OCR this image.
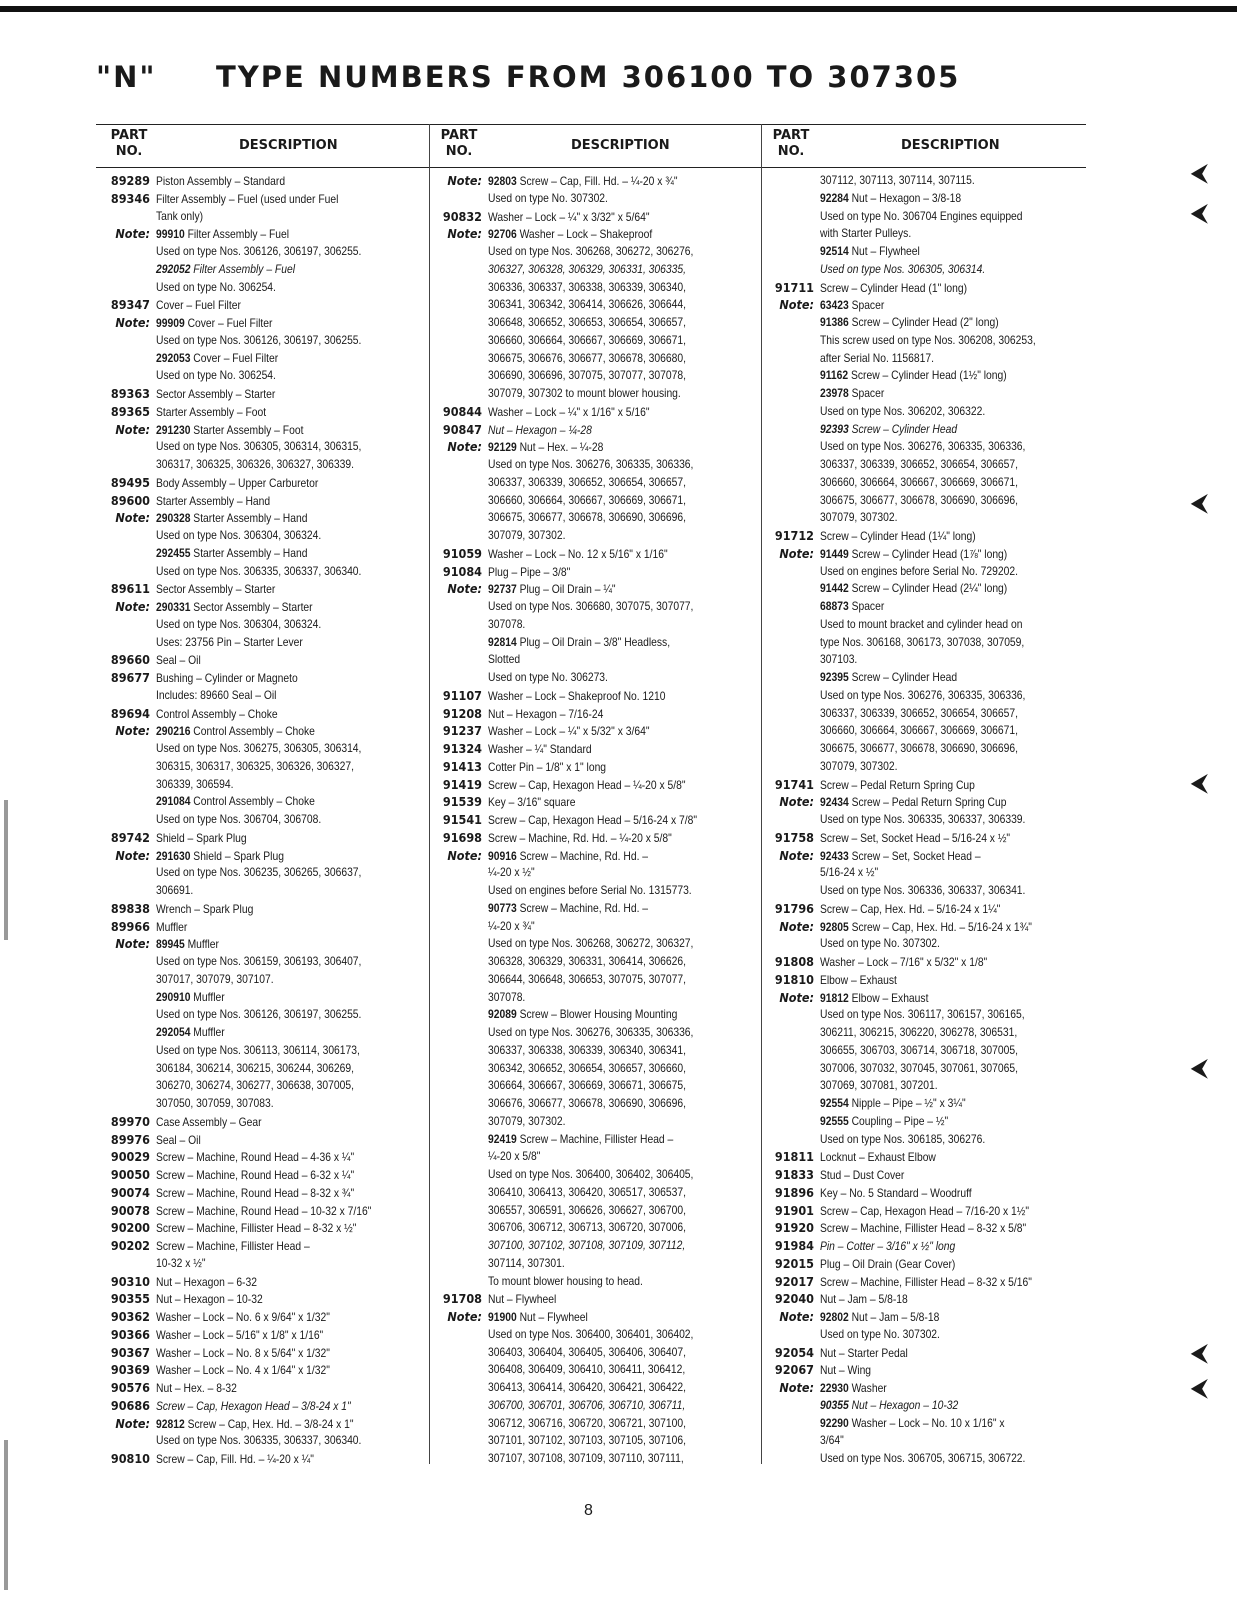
"N" TYPE NUMBERS FROM 306100 TO 307305
PART
NO.	DESCRIPTION
PART
NO.	DESCRIPTION
PART
NO.	DESCRIPTION
89289 Piston Assembly – Standard
89346 Filter Assembly – Fuel (used under Fuel
Tank only)
Note: 99910 Filter Assembly – Fuel
Used on type Nos. 306126, 306197, 306255.
292052 Filter Assembly – Fuel
Used on type No. 306254.
89347 Cover – Fuel Filter
Note: 99909 Cover – Fuel Filter
Used on type Nos. 306126, 306197, 306255.
292053 Cover – Fuel Filter
Used on type No. 306254.
89363 Sector Assembly – Starter
89365 Starter Assembly – Foot
Note: 291230 Starter Assembly – Foot
Used on type Nos. 306305, 306314, 306315,
306317, 306325, 306326, 306327, 306339.
89495 Body Assembly – Upper Carburetor
89600 Starter Assembly – Hand
Note: 290328 Starter Assembly – Hand
Used on type Nos. 306304, 306324.
292455 Starter Assembly – Hand
Used on type Nos. 306335, 306337, 306340.
89611 Sector Assembly – Starter
Note: 290331 Sector Assembly – Starter
Used on type Nos. 306304, 306324.
Uses: 23756 Pin – Starter Lever
89660 Seal – Oil
89677 Bushing – Cylinder or Magneto
Includes: 89660 Seal – Oil
89694 Control Assembly – Choke
Note: 290216 Control Assembly – Choke
Used on type Nos. 306275, 306305, 306314,
306315, 306317, 306325, 306326, 306327,
306339, 306594.
291084 Control Assembly – Choke
Used on type Nos. 306704, 306708.
89742 Shield – Spark Plug
Note: 291630 Shield – Spark Plug
Used on type Nos. 306235, 306265, 306637,
306691.
89838 Wrench – Spark Plug
89966 Muffler
Note: 89945 Muffler
Used on type Nos. 306159, 306193, 306407,
307017, 307079, 307107.
290910 Muffler
Used on type Nos. 306126, 306197, 306255.
292054 Muffler
Used on type Nos. 306113, 306114, 306173,
306184, 306214, 306215, 306244, 306269,
306270, 306274, 306277, 306638, 307005,
307050, 307059, 307083.
89970 Case Assembly – Gear
89976 Seal – Oil
90029 Screw – Machine, Round Head – 4-36 x ¼"
90050 Screw – Machine, Round Head – 6-32 x ¼"
90074 Screw – Machine, Round Head – 8-32 x ¾"
90078 Screw – Machine, Round Head – 10-32 x 7/16"
90200 Screw – Machine, Fillister Head – 8-32 x ½"
90202 Screw – Machine, Fillister Head –
10-32 x ½"
90310 Nut – Hexagon – 6-32
90355 Nut – Hexagon – 10-32
90362 Washer – Lock – No. 6 x 9/64" x 1/32"
90366 Washer – Lock – 5/16" x 1/8" x 1/16"
90367 Washer – Lock – No. 8 x 5/64" x 1/32"
90369 Washer – Lock – No. 4 x 1/64" x 1/32"
90576 Nut – Hex. – 8-32
90686 Screw – Cap, Hexagon Head – 3/8-24 x 1"
Note: 92812 Screw – Cap, Hex. Hd. – 3/8-24 x 1"
Used on type Nos. 306335, 306337, 306340.
90810 Screw – Cap, Fill. Hd. – ¼-20 x ¼"
Note: 92803 Screw – Cap, Fill. Hd. – ¼-20 x ¾"
Used on type No. 307302.
90832 Washer – Lock – ¼" x 3/32" x 5/64"
Note: 92706 Washer – Lock – Shakeproof
Used on type Nos. 306268, 306272, 306276,
306327, 306328, 306329, 306331, 306335,
306336, 306337, 306338, 306339, 306340,
306341, 306342, 306414, 306626, 306644,
306648, 306652, 306653, 306654, 306657,
306660, 306664, 306667, 306669, 306671,
306675, 306676, 306677, 306678, 306680,
306690, 306696, 307075, 307077, 307078,
307079, 307302 to mount blower housing.
90844 Washer – Lock – ¼" x 1/16" x 5/16"
90847 Nut – Hexagon – ¼-28
Note: 92129 Nut – Hex. – ¼-28
Used on type Nos. 306276, 306335, 306336,
306337, 306339, 306652, 306654, 306657,
306660, 306664, 306667, 306669, 306671,
306675, 306677, 306678, 306690, 306696,
307079, 307302.
91059 Washer – Lock – No. 12 x 5/16" x 1/16"
91084 Plug – Pipe – 3/8"
Note: 92737 Plug – Oil Drain – ¼"
Used on type Nos. 306680, 307075, 307077,
307078.
92814 Plug – Oil Drain – 3/8" Headless,
Slotted
Used on type No. 306273.
91107 Washer – Lock – Shakeproof No. 1210
91208 Nut – Hexagon – 7/16-24
91237 Washer – Lock – ¼" x 5/32" x 3/64"
91324 Washer – ¼" Standard
91413 Cotter Pin – 1/8" x 1" long
91419 Screw – Cap, Hexagon Head – ¼-20 x 5/8"
91539 Key – 3/16" square
91541 Screw – Cap, Hexagon Head – 5/16-24 x 7/8"
91698 Screw – Machine, Rd. Hd. – ¼-20 x 5/8"
Note: 90916 Screw – Machine, Rd. Hd. –
¼-20 x ½"
Used on engines before Serial No. 1315773.
90773 Screw – Machine, Rd. Hd. –
¼-20 x ¾"
Used on type Nos. 306268, 306272, 306327,
306328, 306329, 306331, 306414, 306626,
306644, 306648, 306653, 307075, 307077,
307078.
92089 Screw – Blower Housing Mounting
Used on type Nos. 306276, 306335, 306336,
306337, 306338, 306339, 306340, 306341,
306342, 306652, 306654, 306657, 306660,
306664, 306667, 306669, 306671, 306675,
306676, 306677, 306678, 306690, 306696,
307079, 307302.
92419 Screw – Machine, Fillister Head –
¼-20 x 5/8"
Used on type Nos. 306400, 306402, 306405,
306410, 306413, 306420, 306517, 306537,
306557, 306591, 306626, 306627, 306700,
306706, 306712, 306713, 306720, 307006,
307100, 307102, 307108, 307109, 307112,
307114, 307301.
To mount blower housing to head.
91708 Nut – Flywheel
Note: 91900 Nut – Flywheel
Used on type Nos. 306400, 306401, 306402,
306403, 306404, 306405, 306406, 306407,
306408, 306409, 306410, 306411, 306412,
306413, 306414, 306420, 306421, 306422,
306700, 306701, 306706, 306710, 306711,
306712, 306716, 306720, 306721, 307100,
307101, 307102, 307103, 307105, 307106,
307107, 307108, 307109, 307110, 307111,
307112, 307113, 307114, 307115.
92284 Nut – Hexagon – 3/8-18
Used on type No. 306704 Engines equipped
with Starter Pulleys.
92514 Nut – Flywheel
Used on type Nos. 306305, 306314.
91711 Screw – Cylinder Head (1" long)
Note: 63423 Spacer
91386 Screw – Cylinder Head (2" long)
This screw used on type Nos. 306208, 306253,
after Serial No. 1156817.
91162 Screw – Cylinder Head (1½" long)
23978 Spacer
Used on type Nos. 306202, 306322.
92393 Screw – Cylinder Head
Used on type Nos. 306276, 306335, 306336,
306337, 306339, 306652, 306654, 306657,
306660, 306664, 306667, 306669, 306671,
306675, 306677, 306678, 306690, 306696,
307079, 307302.
91712 Screw – Cylinder Head (1¼" long)
Note: 91449 Screw – Cylinder Head (1⅞" long)
Used on engines before Serial No. 729202.
91442 Screw – Cylinder Head (2¼" long)
68873 Spacer
Used to mount bracket and cylinder head on
type Nos. 306168, 306173, 307038, 307059,
307103.
92395 Screw – Cylinder Head
Used on type Nos. 306276, 306335, 306336,
306337, 306339, 306652, 306654, 306657,
306660, 306664, 306667, 306669, 306671,
306675, 306677, 306678, 306690, 306696,
307079, 307302.
91741 Screw – Pedal Return Spring Cup
Note: 92434 Screw – Pedal Return Spring Cup
Used on type Nos. 306335, 306337, 306339.
91758 Screw – Set, Socket Head – 5/16-24 x ½"
Note: 92433 Screw – Set, Socket Head –
5/16-24 x ½"
Used on type Nos. 306336, 306337, 306341.
91796 Screw – Cap, Hex. Hd. – 5/16-24 x 1¼"
Note: 92805 Screw – Cap, Hex. Hd. – 5/16-24 x 1¾"
Used on type No. 307302.
91808 Washer – Lock – 7/16" x 5/32" x 1/8"
91810 Elbow – Exhaust
Note: 91812 Elbow – Exhaust
Used on type Nos. 306117, 306157, 306165,
306211, 306215, 306220, 306278, 306531,
306655, 306703, 306714, 306718, 307005,
307006, 307032, 307045, 307061, 307065,
307069, 307081, 307201.
92554 Nipple – Pipe – ½" x 3¼"
92555 Coupling – Pipe – ½"
Used on type Nos. 306185, 306276.
91811 Locknut – Exhaust Elbow
91833 Stud – Dust Cover
91896 Key – No. 5 Standard – Woodruff
91901 Screw – Cap, Hexagon Head – 7/16-20 x 1½"
91920 Screw – Machine, Fillister Head – 8-32 x 5/8"
91984 Pin – Cotter – 3/16" x ½" long
92015 Plug – Oil Drain (Gear Cover)
92017 Screw – Machine, Fillister Head – 8-32 x 5/16"
92040 Nut – Jam – 5/8-18
Note: 92802 Nut – Jam – 5/8-18
Used on type No. 307302.
92054 Nut – Starter Pedal
92067 Nut – Wing
Note: 22930 Washer
90355 Nut – Hexagon – 10-32
92290 Washer – Lock – No. 10 x 1/16" x
3/64"
Used on type Nos. 306705, 306715, 306722.
8
⮜
⮜
⮜
⮜
⮜
⮜
⮜
